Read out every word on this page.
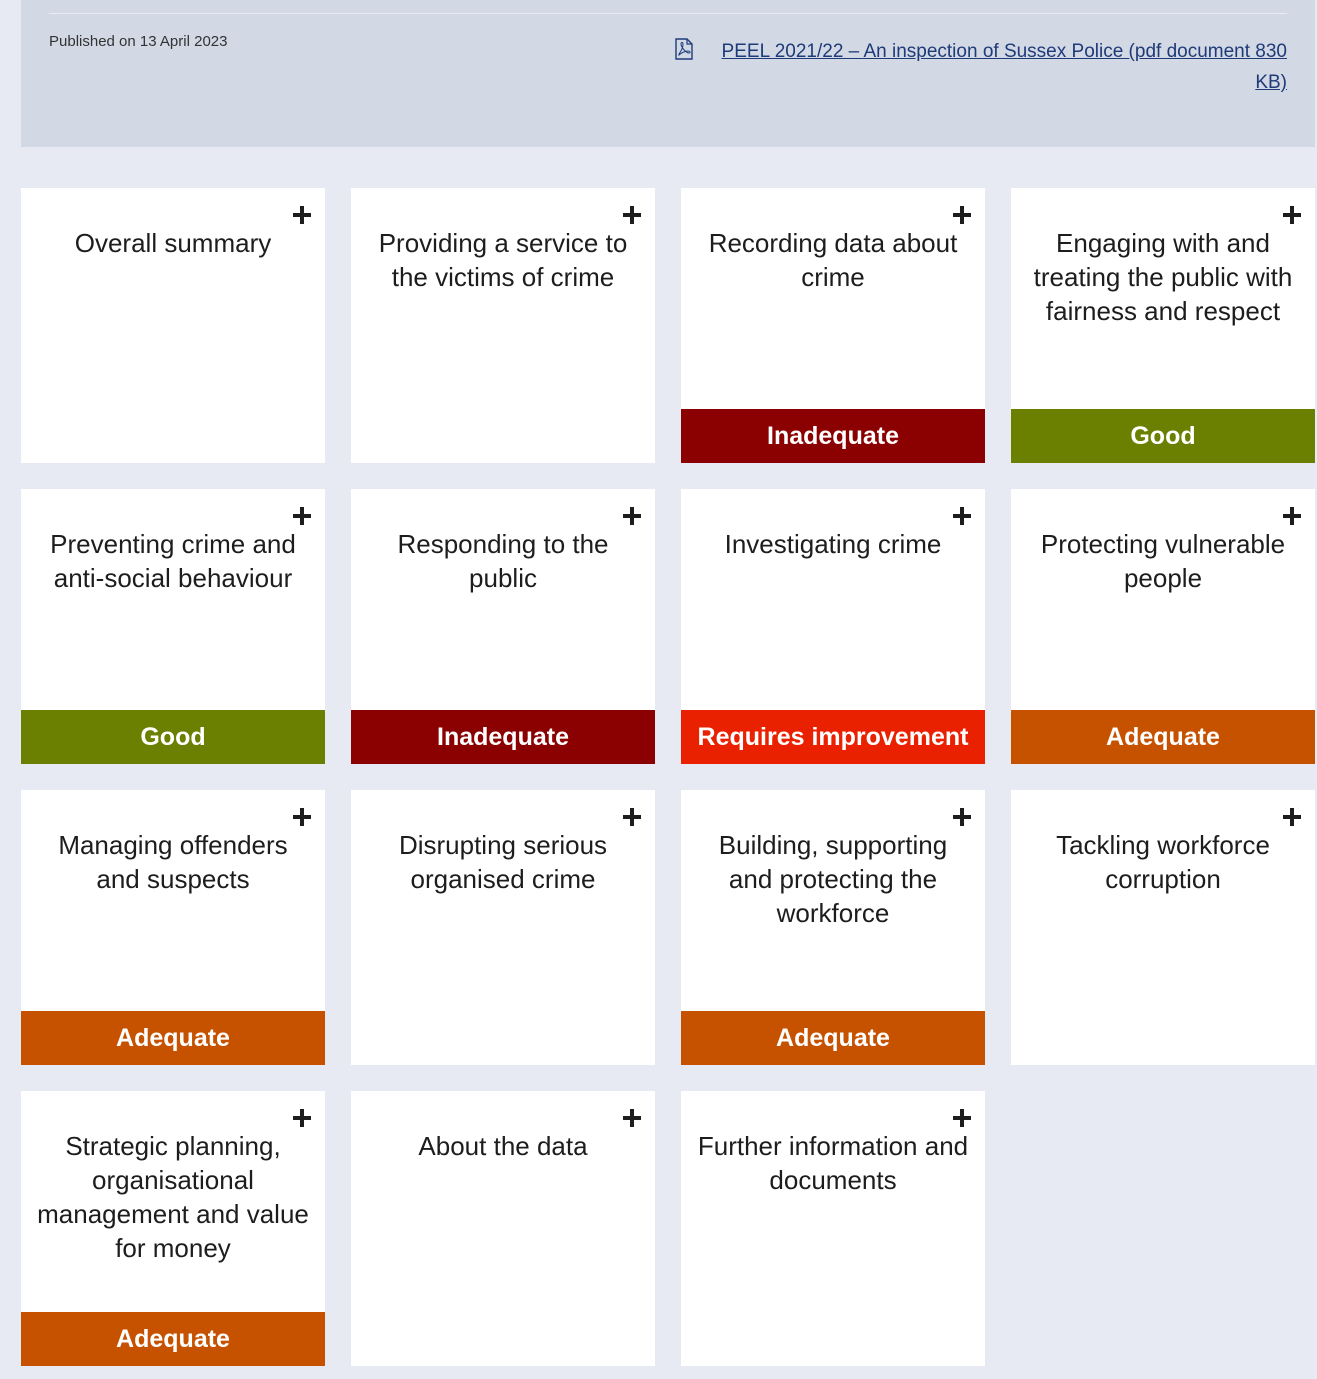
Published on 13 April 2023	PEEL 2021/22 – An inspection of Sussex Police (pdf document 830 KB)
Overall summary	Providing a service to the victims of crime
Recording data about crime
Inadequate
Engaging with and treating the public with fairness and respect
Good
Preventing crime and anti-social behaviour
Good
Responding to the public
Inadequate
Investigating crime
Requires improvement
Protecting vulnerable people
Adequate
Managing offenders and suspects
Adequate
Disrupting serious organised crime
Building, supporting and protecting the workforce
Adequate
Tackling workforce corruption
Strategic planning, organisational management and value for money
Adequate
About the data	Further information and documents
